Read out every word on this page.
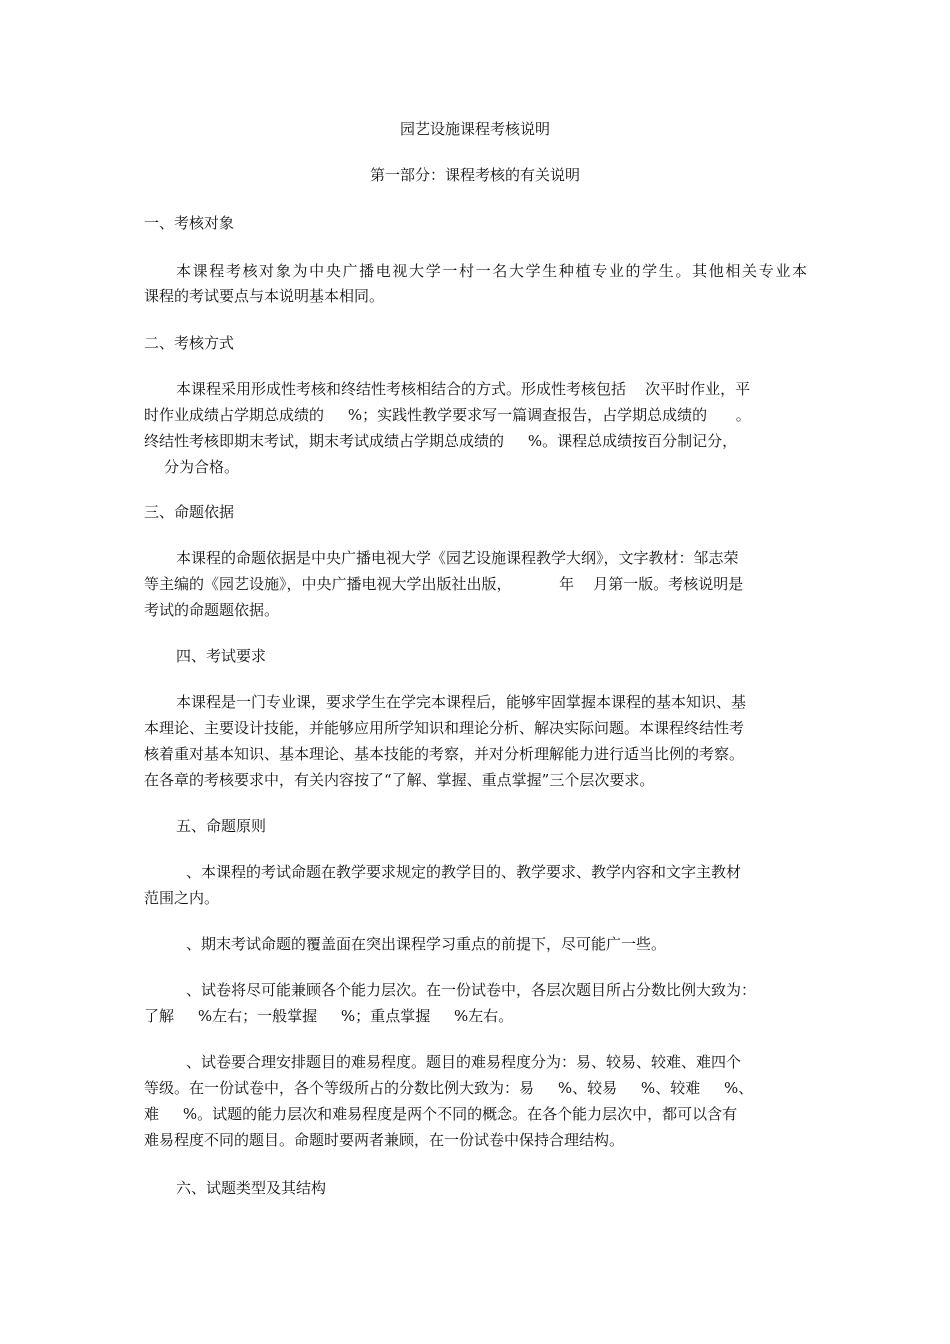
园艺设施课程考核说明
第一部分：课程考核的有关说明
一、考核对象
本课程考核对象为中央广播电视大学一村一名大学生种植专业的学生。其他相关专业本
课程的考试要点与本说明基本相同。
二、考核方式
本课程采用形成性考核和终结性考核相结合的方式。形成性考核包括    次平时作业，平
时作业成绩占学期总成绩的     %；实践性教学要求写一篇调查报告，占学期总成绩的      。
终结性考核即期末考试，期末考试成绩占学期总成绩的     %。课程总成绩按百分制记分，
分为合格。
三、命题依据
本课程的命题依据是中央广播电视大学《园艺设施课程教学大纲》，文字教材：邹志荣
等主编的《园艺设施》，中央广播电视大学出版社出版，          年    月第一版。考核说明是
考试的命题题依据。
四、考试要求
本课程是一门专业课，要求学生在学完本课程后，能够牢固掌握本课程的基本知识、基
本理论、主要设计技能，并能够应用所学知识和理论分析、解决实际问题。本课程终结性考
核着重对基本知识、基本理论、基本技能的考察，并对分析理解能力进行适当比例的考察。
在各章的考核要求中，有关内容按了“了解、掌握、重点掌握”三个层次要求。
五、命题原则
、本课程的考试命题在教学要求规定的教学目的、教学要求、教学内容和文字主教材
范围之内。
、期末考试命题的覆盖面在突出课程学习重点的前提下，尽可能广一些。
、试卷将尽可能兼顾各个能力层次。在一份试卷中，各层次题目所占分数比例大致为：
了解     %左右；一般掌握     %；重点掌握     %左右。
、试卷要合理安排题目的难易程度。题目的难易程度分为：易、较易、较难、难四个
等级。在一份试卷中，各个等级所占的分数比例大致为：易     %、较易     %、较难     %、
难     %。试题的能力层次和难易程度是两个不同的概念。在各个能力层次中，都可以含有
难易程度不同的题目。命题时要两者兼顾，在一份试卷中保持合理结构。
六、试题类型及其结构
